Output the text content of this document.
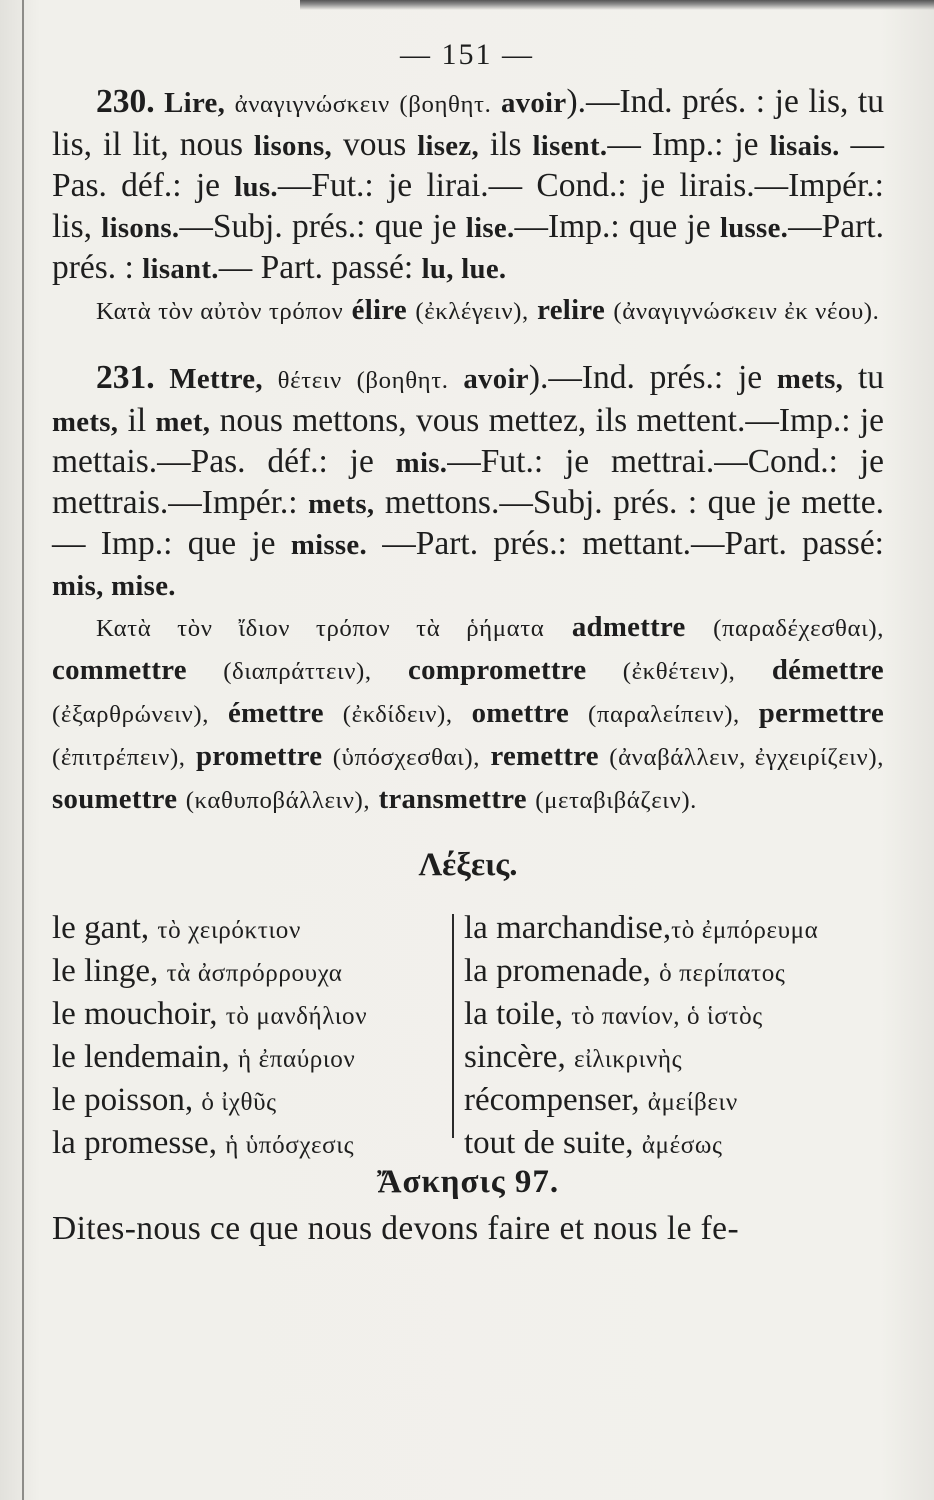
— 151 —

230. Lire, ἀναγιγνώσκειν (βοηθητ. avoir).—Ind. prés. : je lis, tu lis, il lit, nous lisons, vous lisez, ils lisent.— Imp.: je lisais. — Pas. déf.: je lus.—Fut.: je lirai.— Cond.: je lirais.—Impér.: lis, lisons.—Subj. prés.: que je lise.—Imp.: que je lusse.—Part. prés. : lisant.— Part. passé: lu, lue.

Κατὰ τὸν αὐτὸν τρόπον élire (ἐκλέγειν), relire (ἀναγιγνώσκειν ἐκ νέου).

231. Mettre, θέτειν (βοηθητ. avoir).—Ind. prés.: je mets, tu mets, il met, nous mettons, vous mettez, ils mettent.—Imp.: je mettais.—Pas. déf.: je mis.—Fut.: je mettrai.—Cond.: je mettrais.—Impér.: mets, mettons.—Subj. prés. : que je mette.— Imp.: que je misse. —Part. prés.: mettant.—Part. passé: mis, mise.

Κατὰ τὸν ἴδιον τρόπον τὰ ῥήματα admettre (παραδέχεσθαι), commettre (διαπράττειν), compromettre (ἐκθέτειν), démettre (ἐξαρθρώνειν), émettre (ἐκδίδειν), omettre (παραλείπειν), permettre (ἐπιτρέπειν), promettre (ὑπόσχεσθαι), remettre (ἀναβάλλειν, ἐγχειρίζειν), soumettre (καθυποβάλλειν), transmettre (μεταβιβάζειν).

Λέξεις.

le gant, τὸ χειρόκτιον
le linge, τὰ ἀσπρόρρουχα
le mouchoir, τὸ μανδήλιον
le lendemain, ἡ ἐπαύριον
le poisson, ὁ ἰχθῦς
la promesse, ἡ ὑπόσχεσις
la marchandise,τὸ ἐμπόρευμα
la promenade, ὁ περίπατος
la toile, τὸ πανίον, ὁ ἱστὸς
sincère, εἰλικρινὴς
récompenser, ἀμείβειν
tout de suite, ἀμέσως

Ἄσκησις 97.

Dites-nous ce que nous devons faire et nous le fe-
